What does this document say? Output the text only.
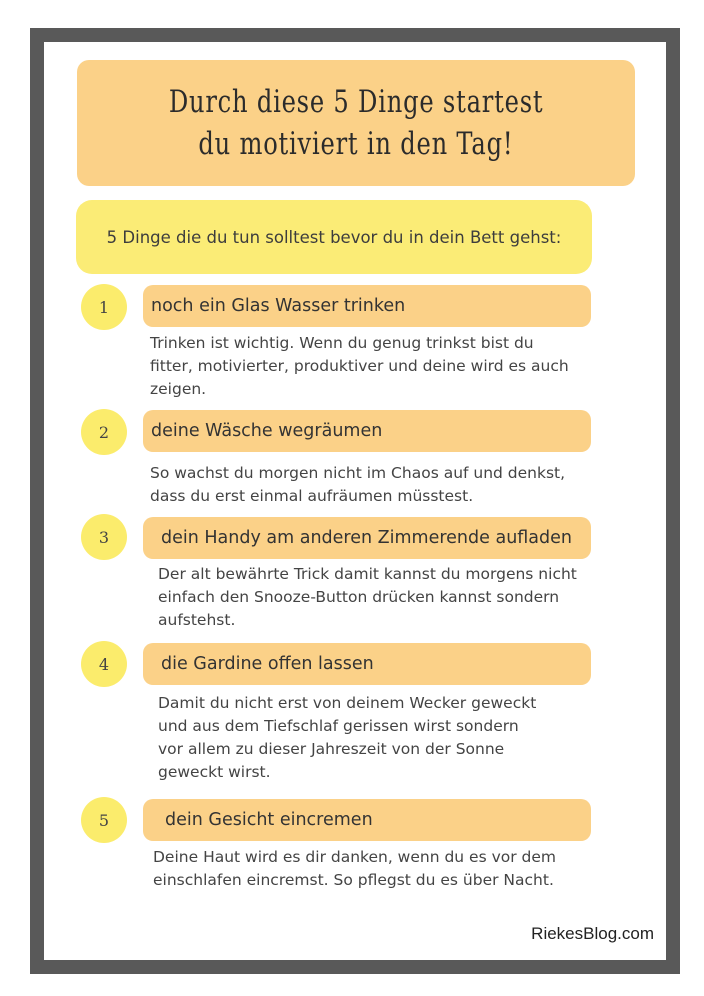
Durch diese 5 Dinge startest
du motiviert in den Tag!
5 Dinge die du tun solltest bevor du in dein Bett gehst:
1	noch ein Glas Wasser trinken
Trinken ist wichtig. Wenn du genug trinkst bist du
fitter, motivierter, produktiver und deine wird es auch
zeigen.
2	deine Wäsche wegräumen
So wachst du morgen nicht im Chaos auf und denkst,
dass du erst einmal aufräumen müsstest.
3	dein Handy am anderen Zimmerende aufladen
Der alt bewährte Trick damit kannst du morgens nicht
einfach den Snooze-Button drücken kannst sondern
aufstehst.
4	die Gardine offen lassen
Damit du nicht erst von deinem Wecker geweckt
und aus dem Tiefschlaf gerissen wirst sondern
vor allem zu dieser Jahreszeit von der Sonne
geweckt wirst.
5	dein Gesicht eincremen
Deine Haut wird es dir danken, wenn du es vor dem
einschlafen eincremst. So pflegst du es über Nacht.
RiekesBlog.com
